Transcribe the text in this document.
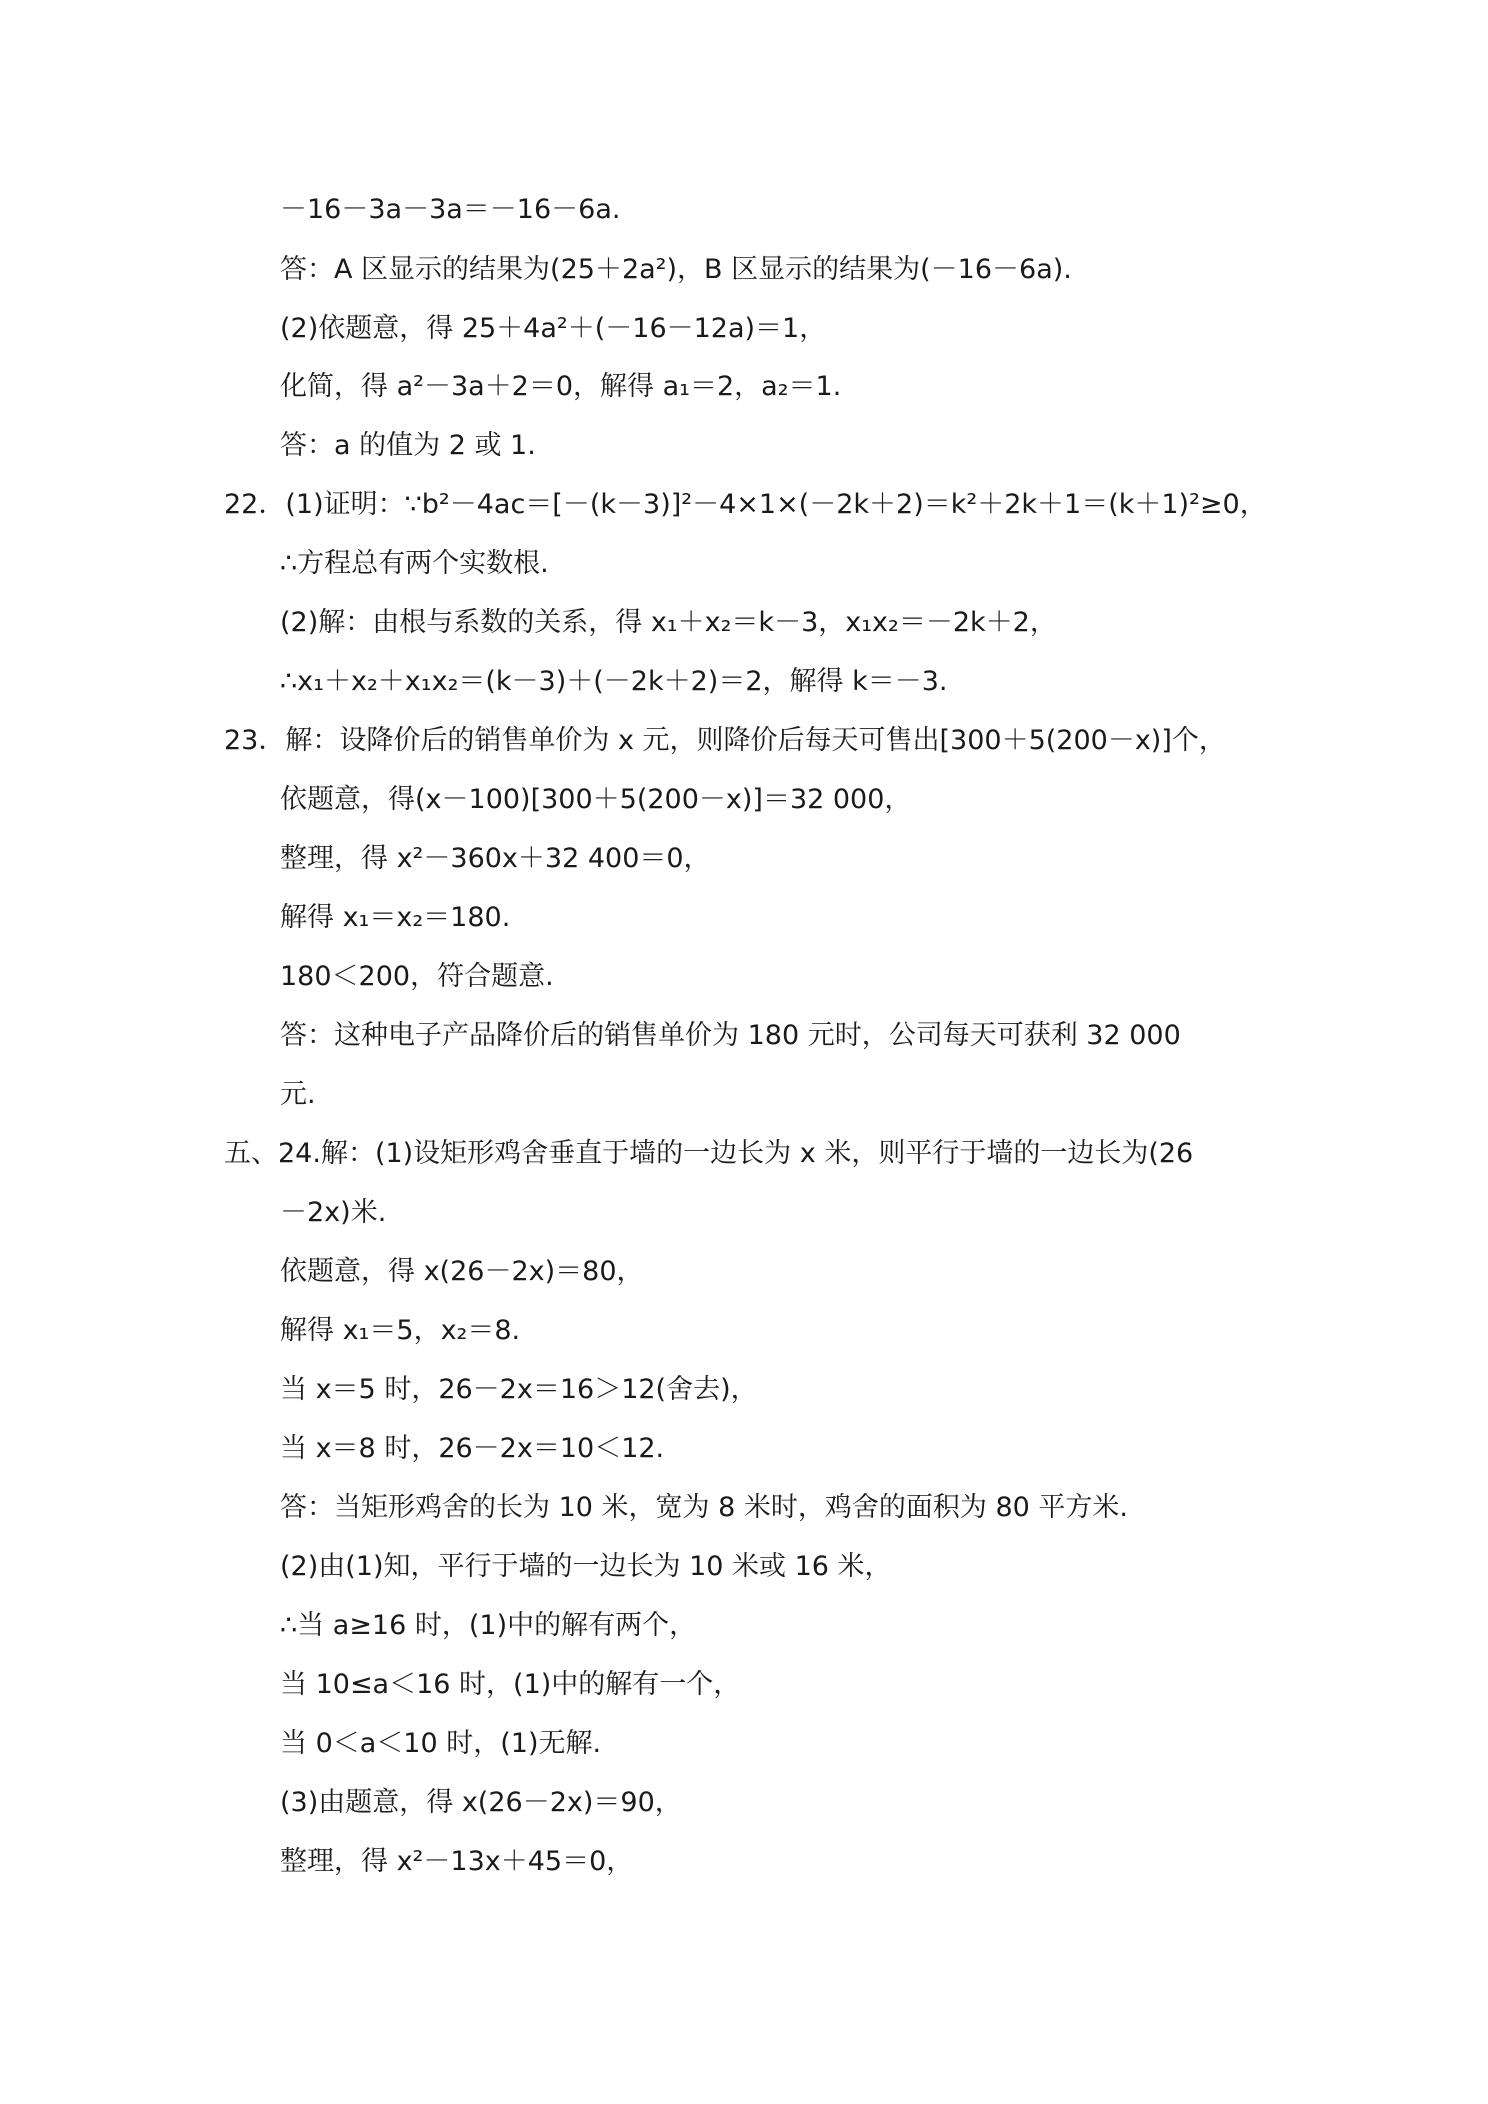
－16－3a－3a＝－16－6a.
答：A 区显示的结果为(25＋2a²)，B 区显示的结果为(－16－6a).
(2)依题意，得 25＋4a²＋(－16－12a)＝1，
化简，得 a²－3a＋2＝0，解得 a₁＝2，a₂＝1.
答：a 的值为 2 或 1.
22．(1)证明：∵b²－4ac＝[－(k－3)]²－4×1×(－2k＋2)＝k²＋2k＋1＝(k＋1)²≥0，
∴方程总有两个实数根.
(2)解：由根与系数的关系，得 x₁＋x₂＝k－3，x₁x₂＝－2k＋2，
∴x₁＋x₂＋x₁x₂＝(k－3)＋(－2k＋2)＝2，解得 k＝－3.
23．解：设降价后的销售单价为 x 元，则降价后每天可售出[300＋5(200－x)]个，
依题意，得(x－100)[300＋5(200－x)]＝32 000，
整理，得 x²－360x＋32 400＝0，
解得 x₁＝x₂＝180.
180＜200，符合题意.
答：这种电子产品降价后的销售单价为 180 元时，公司每天可获利 32 000
元.
五、24.解：(1)设矩形鸡舍垂直于墙的一边长为 x 米，则平行于墙的一边长为(26
－2x)米.
依题意，得 x(26－2x)＝80，
解得 x₁＝5，x₂＝8.
当 x＝5 时，26－2x＝16＞12(舍去)，
当 x＝8 时，26－2x＝10＜12.
答：当矩形鸡舍的长为 10 米，宽为 8 米时，鸡舍的面积为 80 平方米.
(2)由(1)知，平行于墙的一边长为 10 米或 16 米，
∴当 a≥16 时，(1)中的解有两个，
当 10≤a＜16 时，(1)中的解有一个，
当 0＜a＜10 时，(1)无解.
(3)由题意，得 x(26－2x)＝90，
整理，得 x²－13x＋45＝0，
